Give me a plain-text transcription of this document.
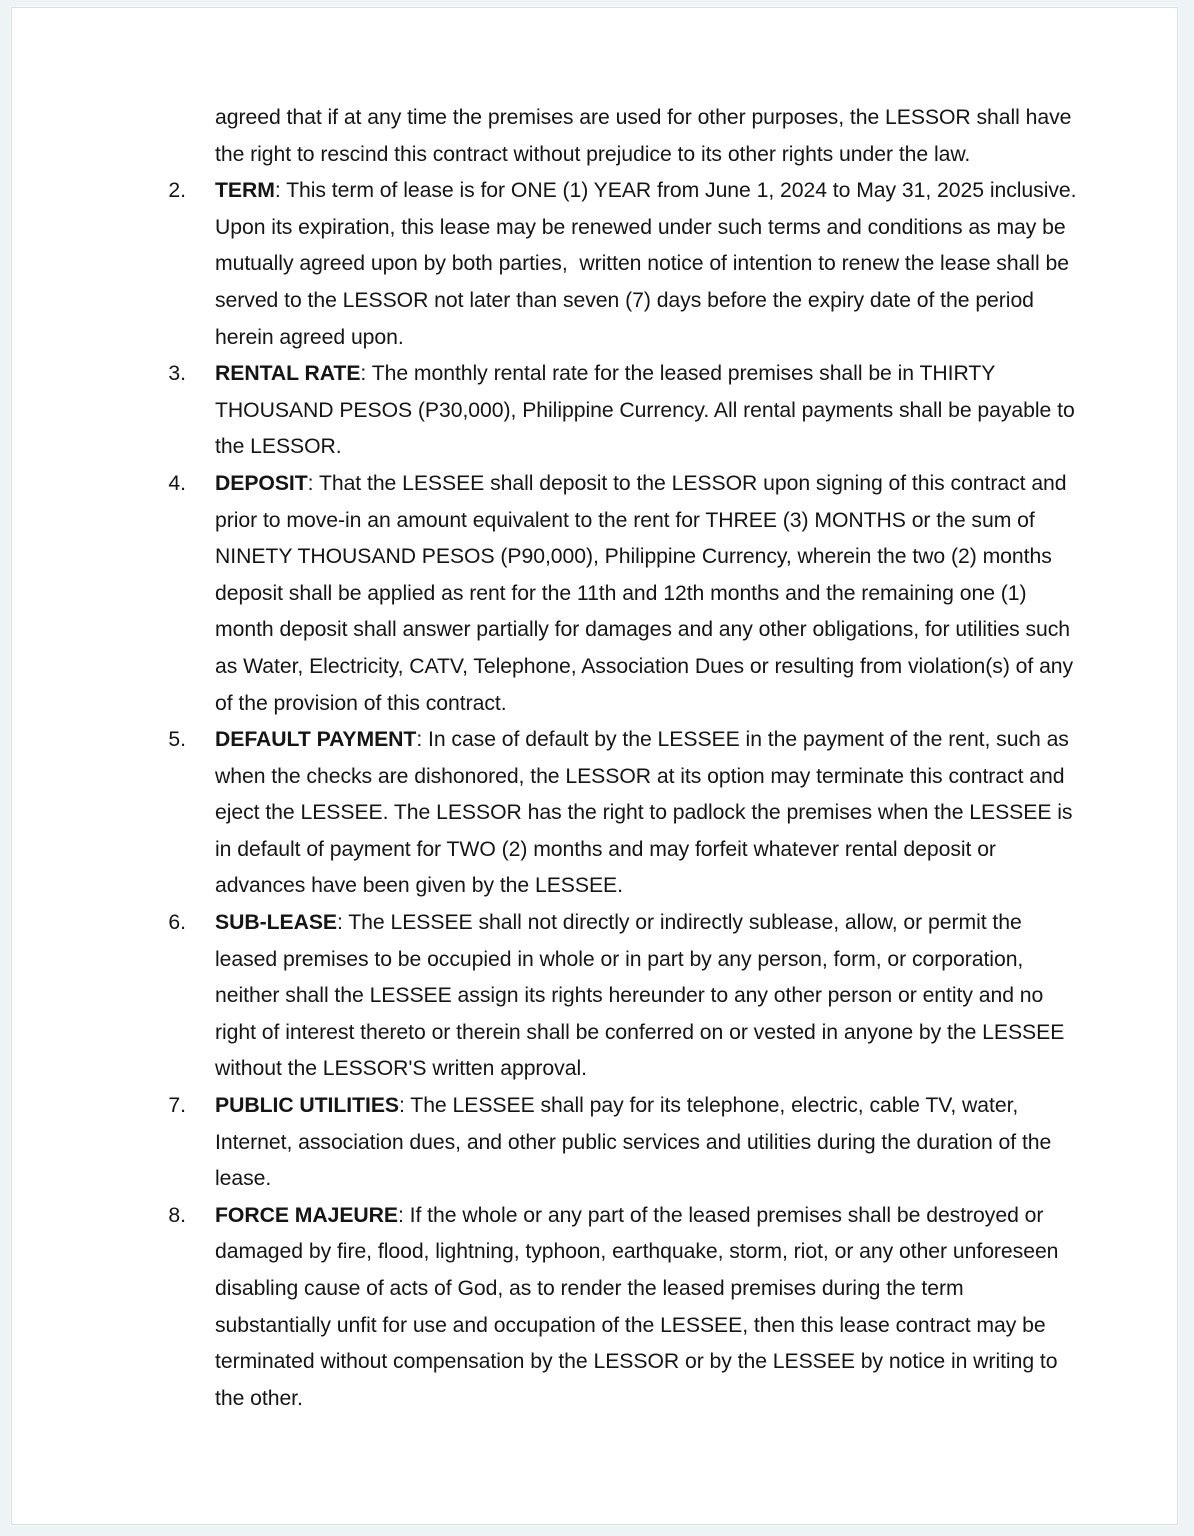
agreed that if at any time the premises are used for other purposes, the LESSOR shall have the right to rescind this contract without prejudice to its other rights under the law.

2. TERM: This term of lease is for ONE (1) YEAR from June 1, 2024 to May 31, 2025 inclusive. Upon its expiration, this lease may be renewed under such terms and conditions as may be mutually agreed upon by both parties,  written notice of intention to renew the lease shall be served to the LESSOR not later than seven (7) days before the expiry date of the period herein agreed upon.

3. RENTAL RATE: The monthly rental rate for the leased premises shall be in THIRTY THOUSAND PESOS (P30,000), Philippine Currency. All rental payments shall be payable to the LESSOR.

4. DEPOSIT: That the LESSEE shall deposit to the LESSOR upon signing of this contract and prior to move-in an amount equivalent to the rent for THREE (3) MONTHS or the sum of NINETY THOUSAND PESOS (P90,000), Philippine Currency, wherein the two (2) months deposit shall be applied as rent for the 11th and 12th months and the remaining one (1) month deposit shall answer partially for damages and any other obligations, for utilities such as Water, Electricity, CATV, Telephone, Association Dues or resulting from violation(s) of any of the provision of this contract.

5. DEFAULT PAYMENT: In case of default by the LESSEE in the payment of the rent, such as when the checks are dishonored, the LESSOR at its option may terminate this contract and eject the LESSEE. The LESSOR has the right to padlock the premises when the LESSEE is in default of payment for TWO (2) months and may forfeit whatever rental deposit or advances have been given by the LESSEE.

6. SUB-LEASE: The LESSEE shall not directly or indirectly sublease, allow, or permit the leased premises to be occupied in whole or in part by any person, form, or corporation, neither shall the LESSEE assign its rights hereunder to any other person or entity and no right of interest thereto or therein shall be conferred on or vested in anyone by the LESSEE without the LESSOR'S written approval.

7. PUBLIC UTILITIES: The LESSEE shall pay for its telephone, electric, cable TV, water, Internet, association dues, and other public services and utilities during the duration of the lease.

8. FORCE MAJEURE: If the whole or any part of the leased premises shall be destroyed or damaged by fire, flood, lightning, typhoon, earthquake, storm, riot, or any other unforeseen disabling cause of acts of God, as to render the leased premises during the term substantially unfit for use and occupation of the LESSEE, then this lease contract may be terminated without compensation by the LESSOR or by the LESSEE by notice in writing to the other.
